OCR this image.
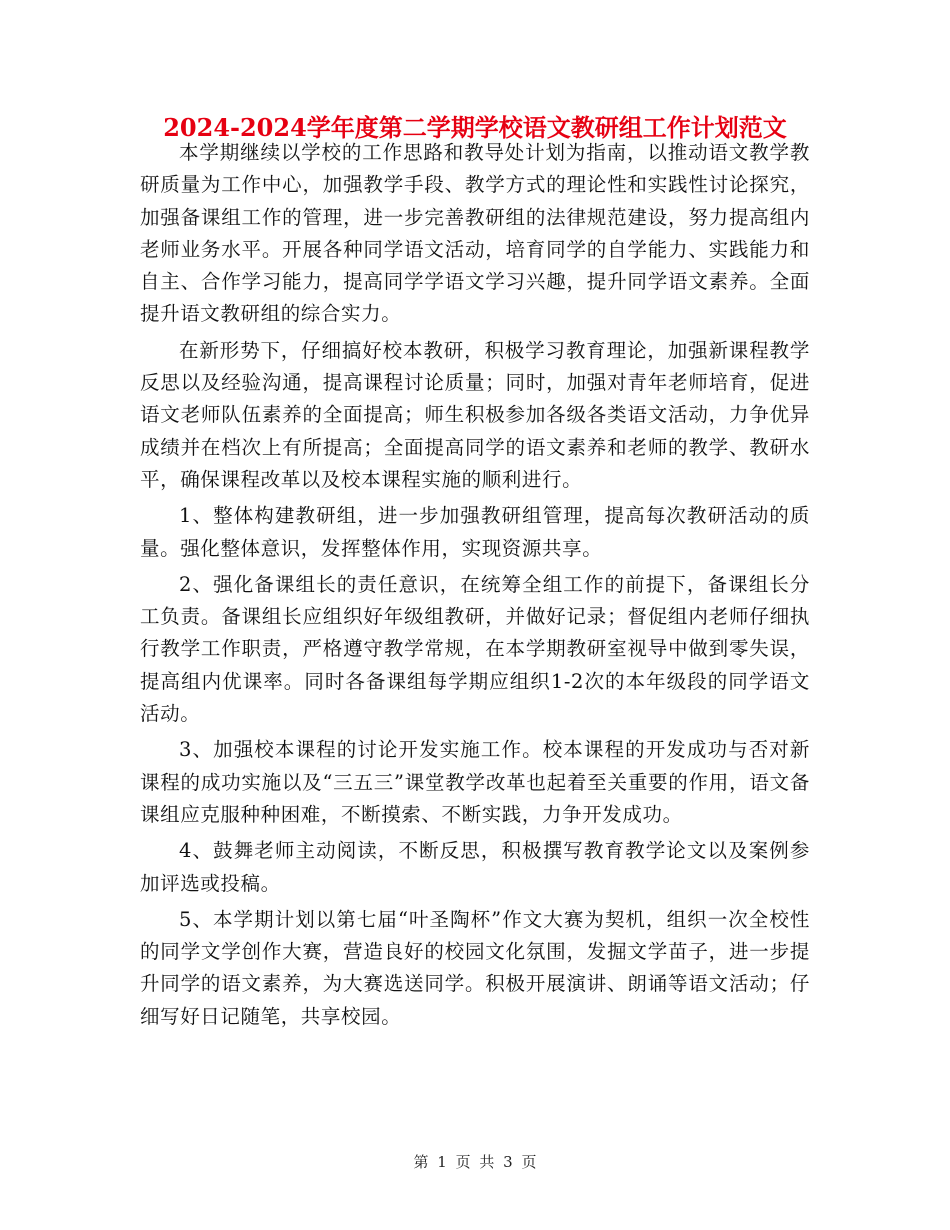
2024-2024学年度第二学期学校语文教研组工作计划范文

本学期继续以学校的工作思路和教导处计划为指南，以推动语文教学教研质量为工作中心，加强教学手段、教学方式的理论性和实践性讨论探究，加强备课组工作的管理，进一步完善教研组的法律规范建设，努力提高组内老师业务水平。开展各种同学语文活动，培育同学的自学能力、实践能力和自主、合作学习能力，提高同学学语文学习兴趣，提升同学语文素养。全面提升语文教研组的综合实力。

在新形势下，仔细搞好校本教研，积极学习教育理论，加强新课程教学反思以及经验沟通，提高课程讨论质量；同时，加强对青年老师培育，促进语文老师队伍素养的全面提高；师生积极参加各级各类语文活动，力争优异成绩并在档次上有所提高；全面提高同学的语文素养和老师的教学、教研水平，确保课程改革以及校本课程实施的顺利进行。

1、整体构建教研组，进一步加强教研组管理，提高每次教研活动的质量。强化整体意识，发挥整体作用，实现资源共享。

2、强化备课组长的责任意识，在统筹全组工作的前提下，备课组长分工负责。备课组长应组织好年级组教研，并做好记录；督促组内老师仔细执行教学工作职责，严格遵守教学常规，在本学期教研室视导中做到零失误，提高组内优课率。同时各备课组每学期应组织1-2次的本年级段的同学语文活动。

3、加强校本课程的讨论开发实施工作。校本课程的开发成功与否对新课程的成功实施以及“三五三”课堂教学改革也起着至关重要的作用，语文备课组应克服种种困难，不断摸索、不断实践，力争开发成功。

4、鼓舞老师主动阅读，不断反思，积极撰写教育教学论文以及案例参加评选或投稿。

5、本学期计划以第七届“叶圣陶杯”作文大赛为契机，组织一次全校性的同学文学创作大赛，营造良好的校园文化氛围，发掘文学苗子，进一步提升同学的语文素养，为大赛选送同学。积极开展演讲、朗诵等语文活动；仔细写好日记随笔，共享校园。

第 1 页 共 3 页
